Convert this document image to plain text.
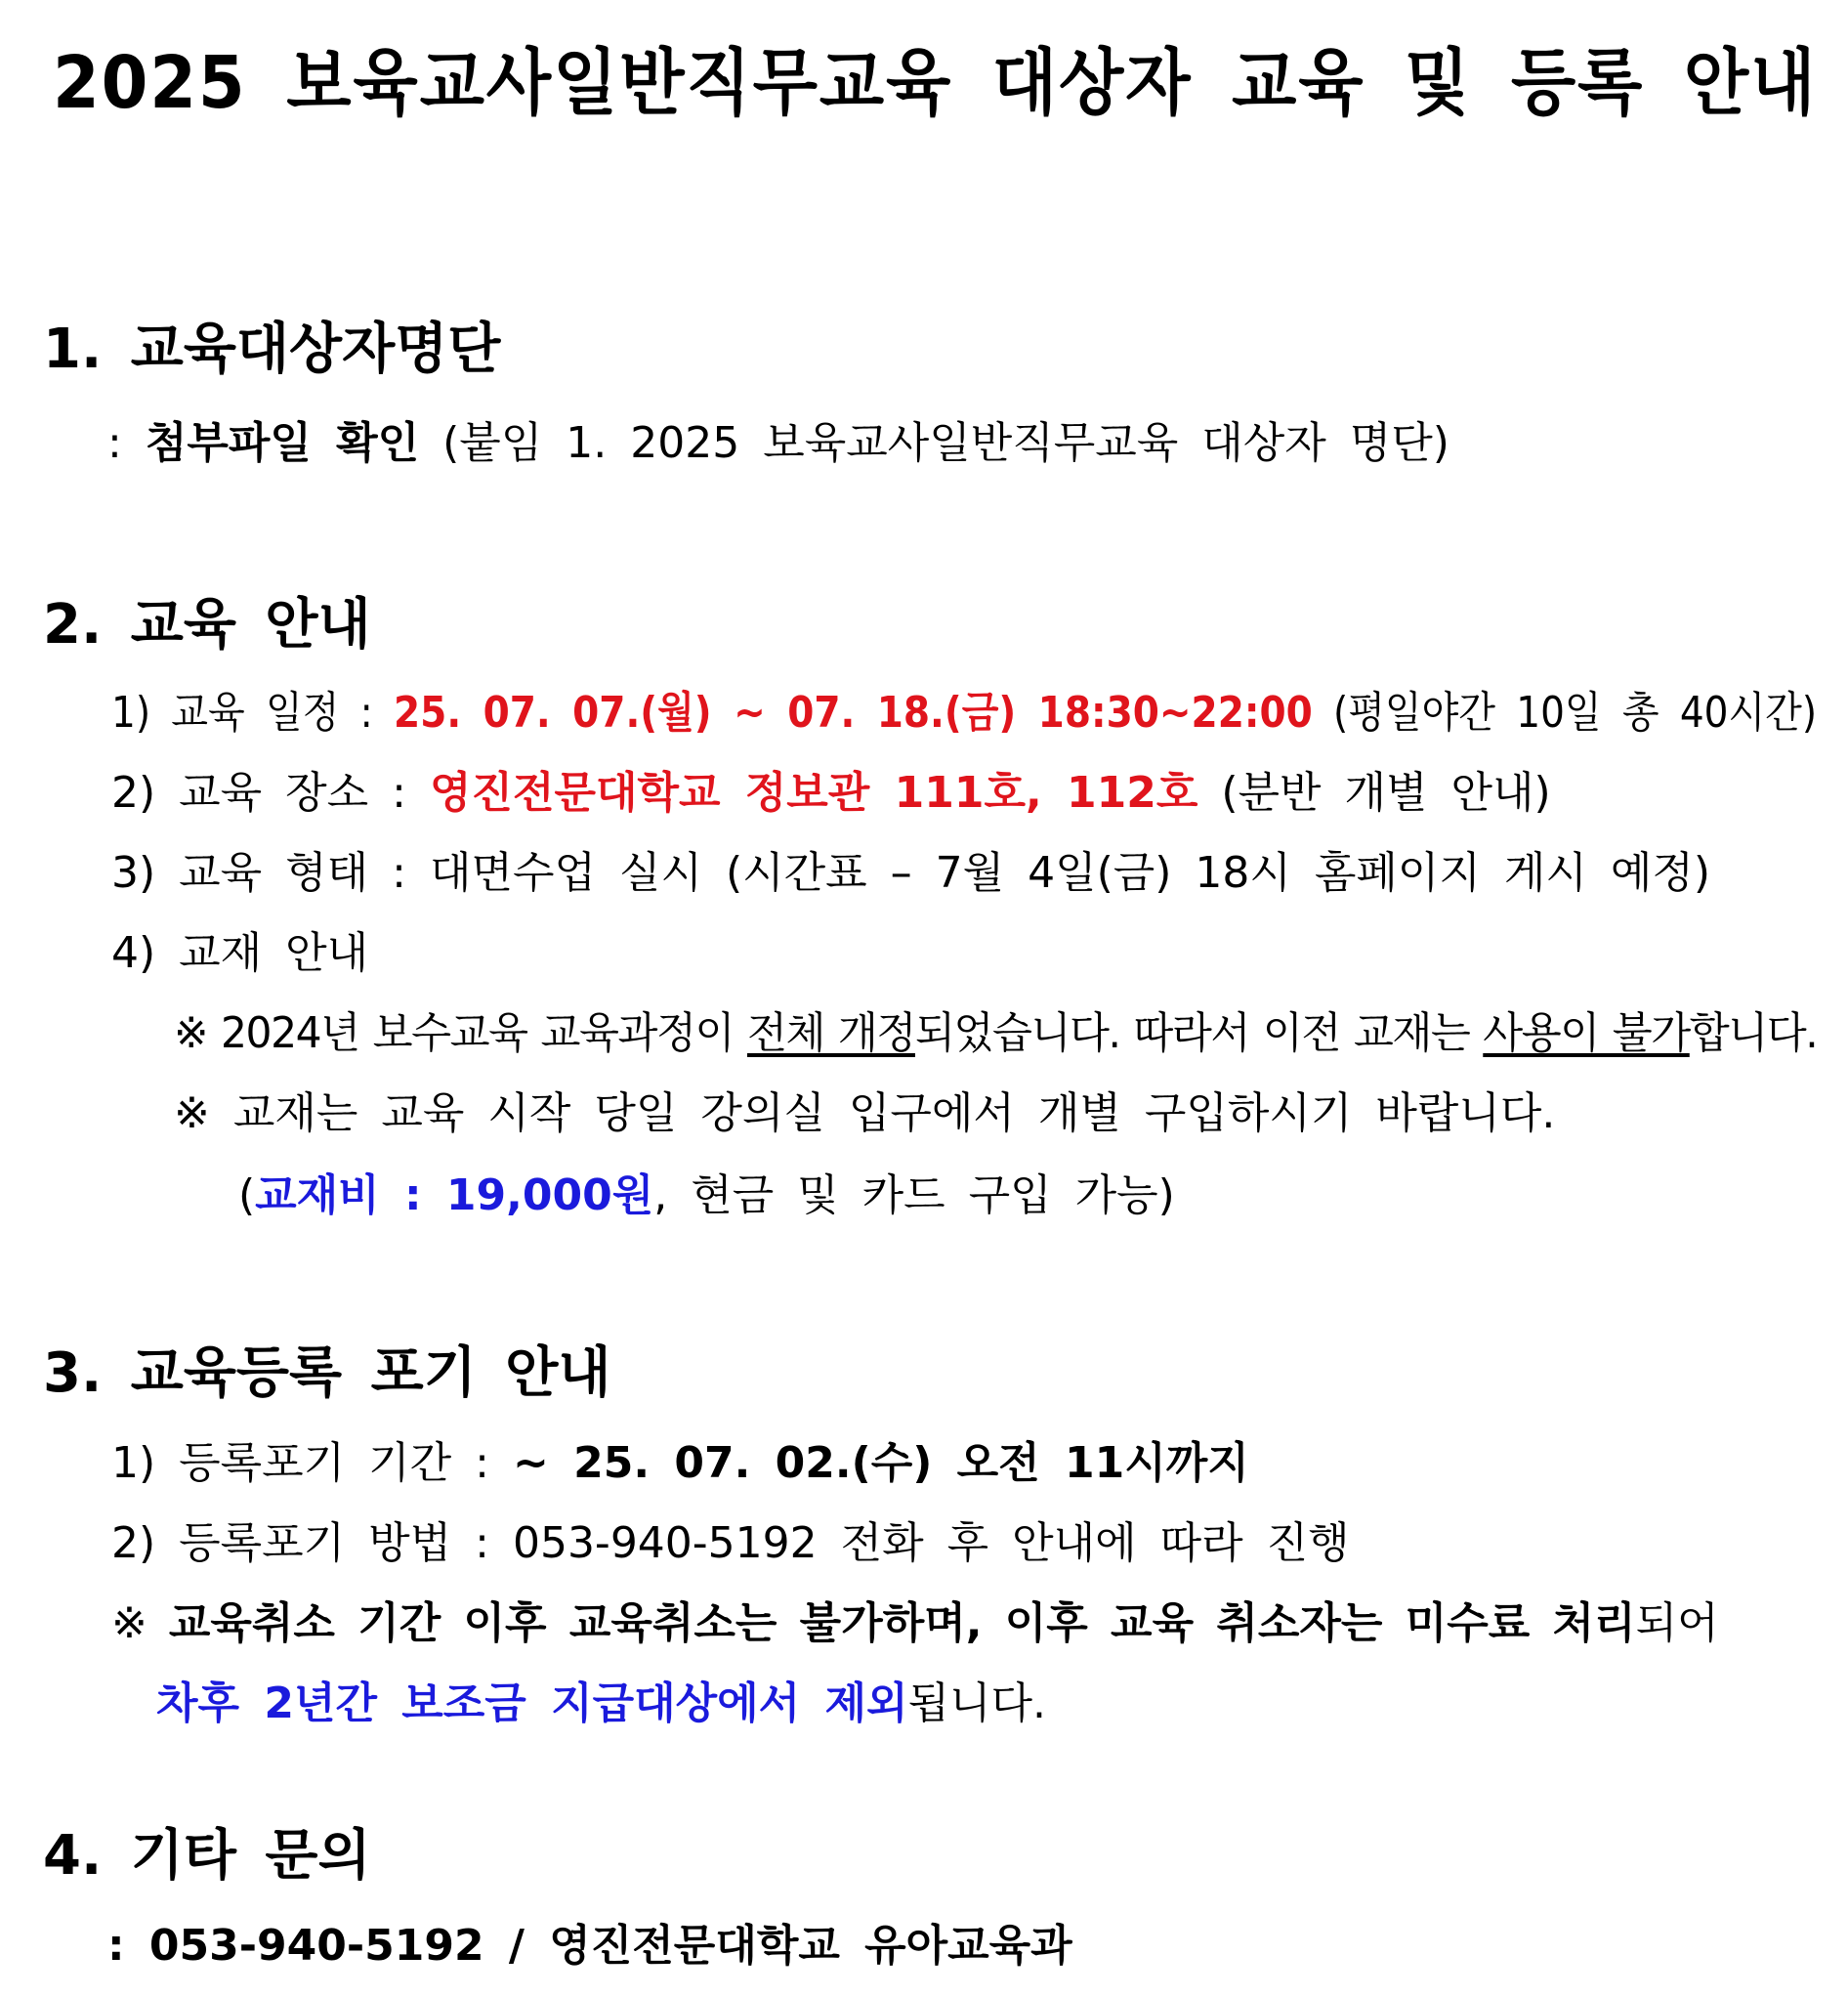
2025 보육교사일반직무교육 대상자 교육 및 등록 안내
1. 교육대상자명단
: 첨부파일 확인 (붙임 1. 2025 보육교사일반직무교육 대상자 명단)
2. 교육 안내
1) 교육 일정 : 25. 07. 07.(월) ~ 07. 18.(금) 18:30~22:00 (평일야간 10일 총 40시간)
2) 교육 장소 : 영진전문대학교 정보관 111호, 112호 (분반 개별 안내)
3) 교육 형태 : 대면수업 실시 (시간표 – 7월 4일(금) 18시 홈페이지 게시 예정)
4) 교재 안내
※ 2024년 보수교육 교육과정이 전체 개정되었습니다. 따라서 이전 교재는 사용이 불가합니다.
※ 교재는 교육 시작 당일 강의실 입구에서 개별 구입하시기 바랍니다.
(교재비 : 19,000원, 현금 및 카드 구입 가능)
3. 교육등록 포기 안내
1) 등록포기 기간 : ~ 25. 07. 02.(수) 오전 11시까지
2) 등록포기 방법 : 053-940-5192 전화 후 안내에 따라 진행
※ 교육취소 기간 이후 교육취소는 불가하며, 이후 교육 취소자는 미수료 처리되어
차후 2년간 보조금 지급대상에서 제외됩니다.
4. 기타 문의
: 053-940-5192 / 영진전문대학교 유아교육과
